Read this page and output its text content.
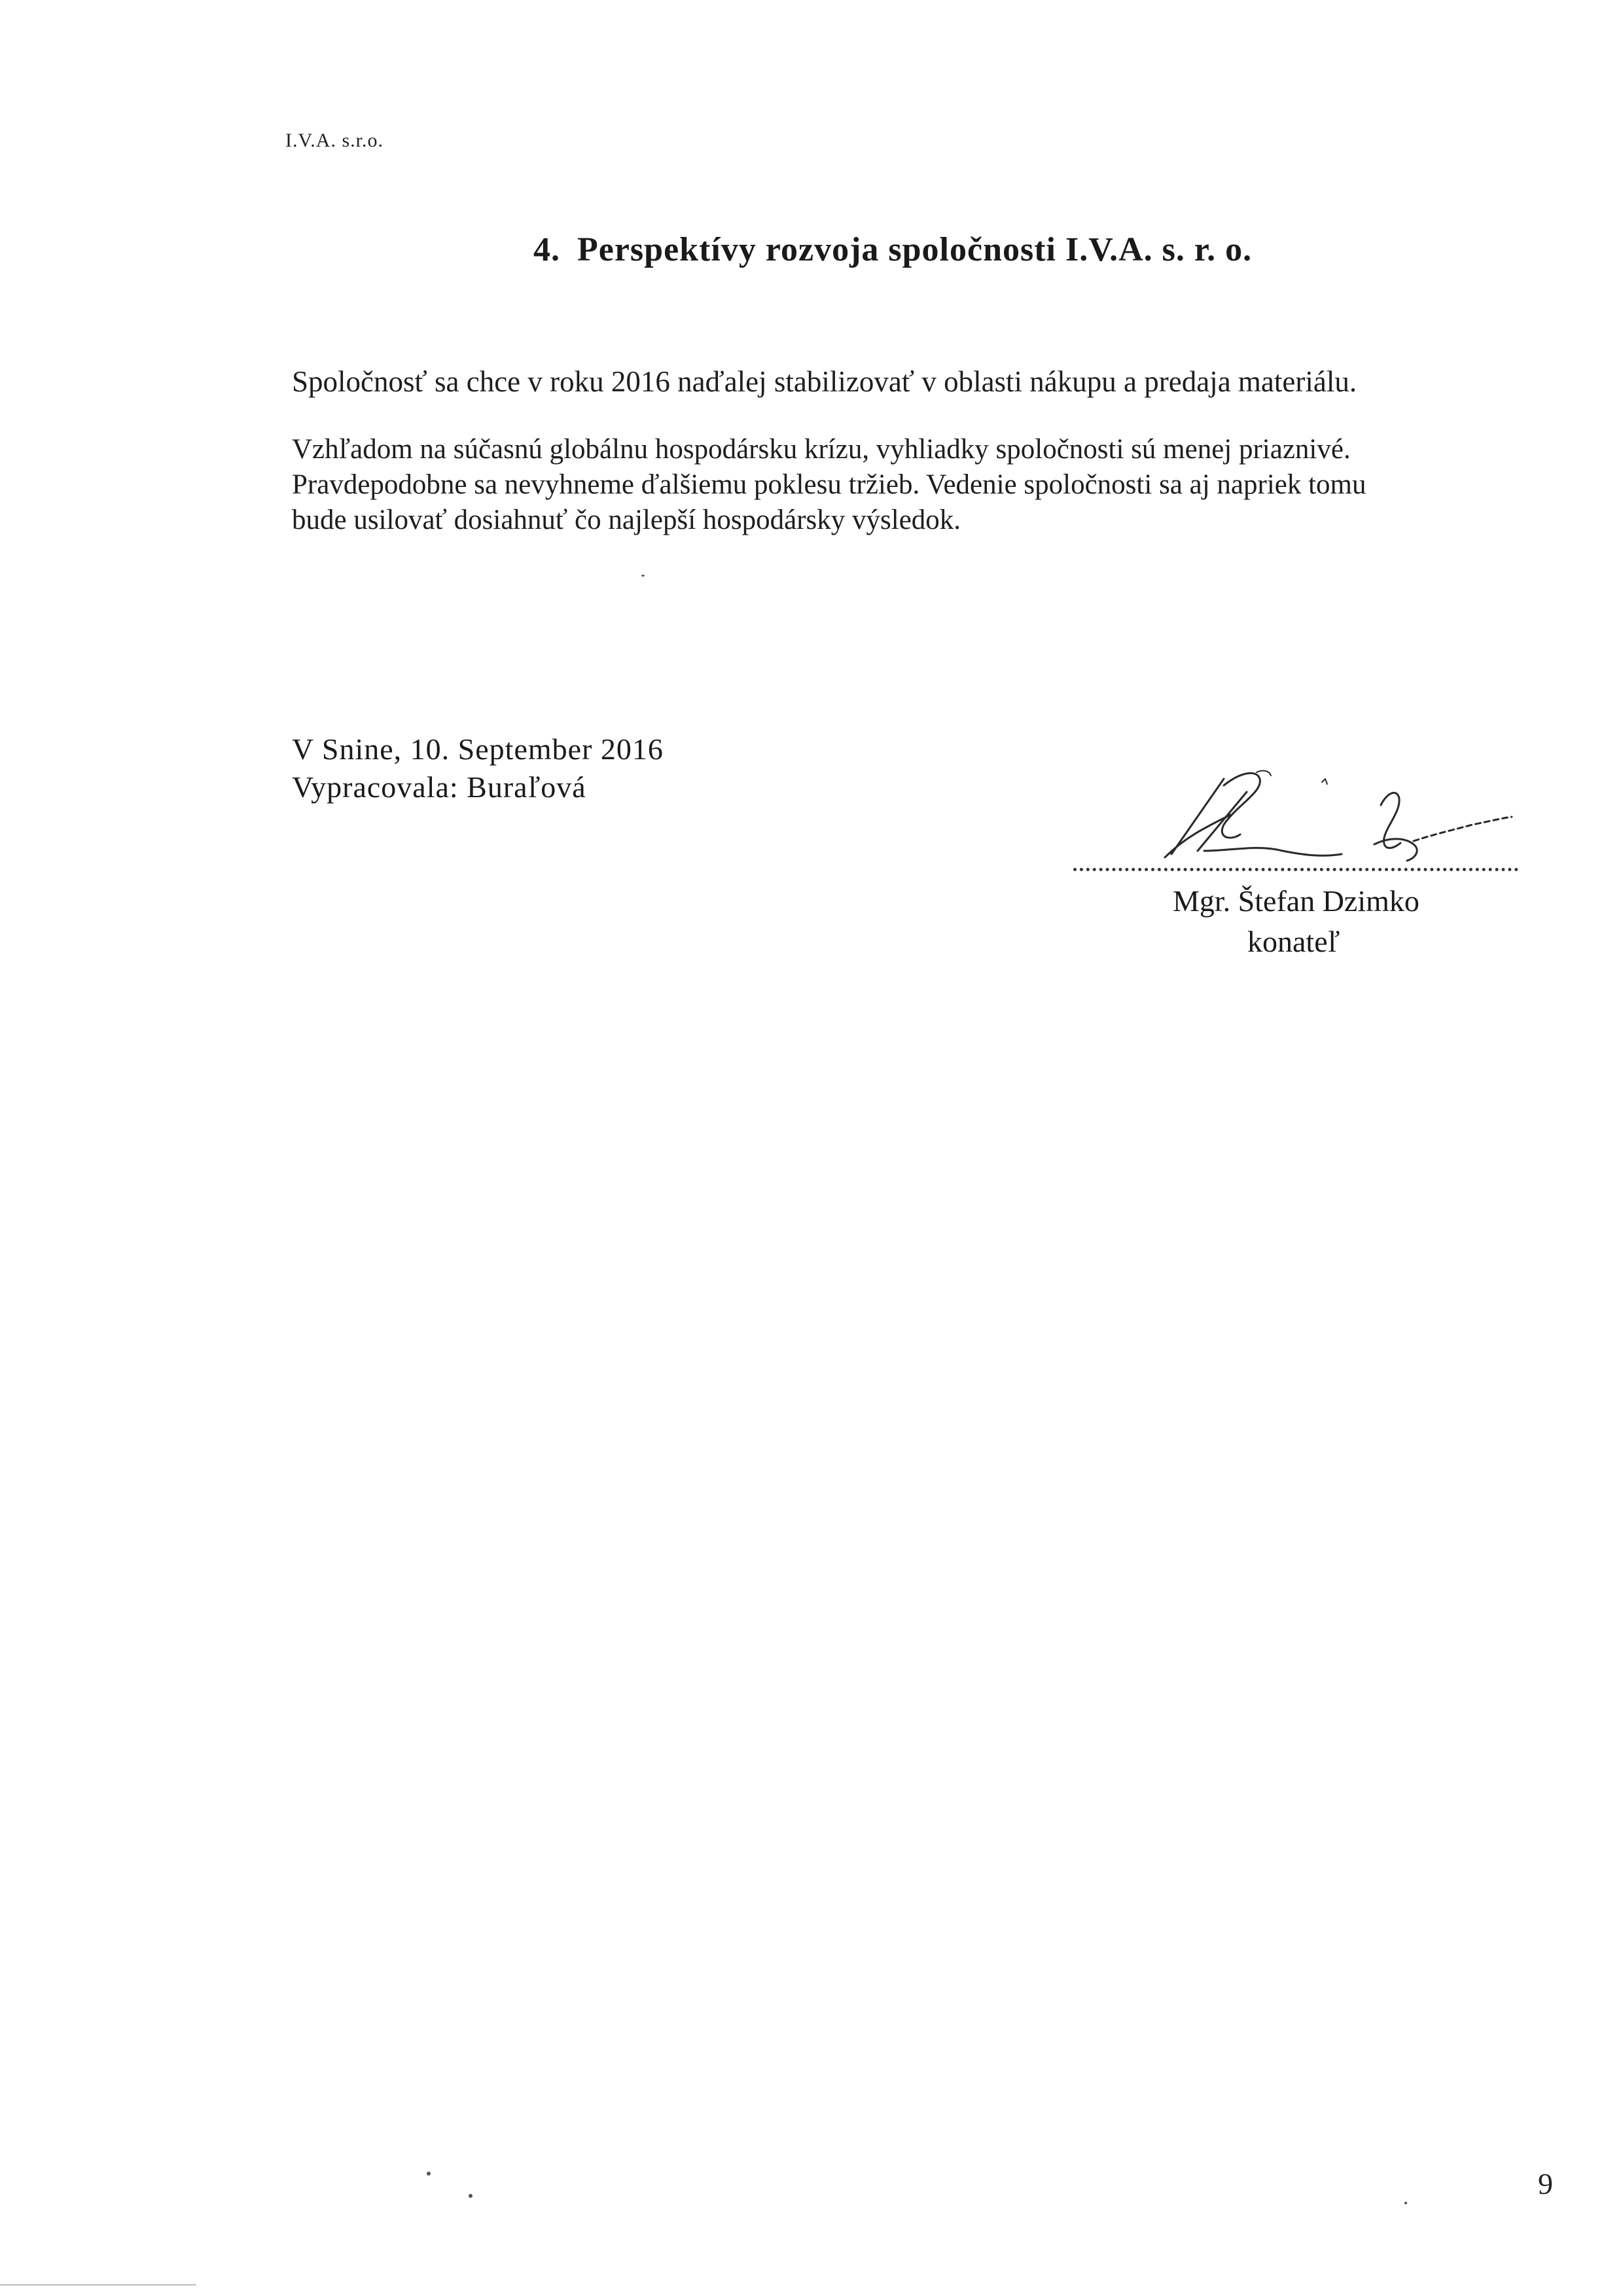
I.V.A. s.r.o.
4. Perspektívy rozvoja spoločnosti I.V.A. s. r. o.
Spoločnosť sa chce v roku 2016 naďalej stabilizovať v oblasti nákupu a predaja materiálu.
Vzhľadom na súčasnú globálnu hospodársku krízu, vyhliadky spoločnosti sú menej priaznivé.
Pravdepodobne sa nevyhneme ďalšiemu poklesu tržieb. Vedenie spoločnosti sa aj napriek tomu
bude usilovať dosiahnuť čo najlepší hospodársky výsledok.
V Snine, 10. September 2016
Vypracovala: Buraľová
Mgr. Štefan Dzimko
konateľ
9
